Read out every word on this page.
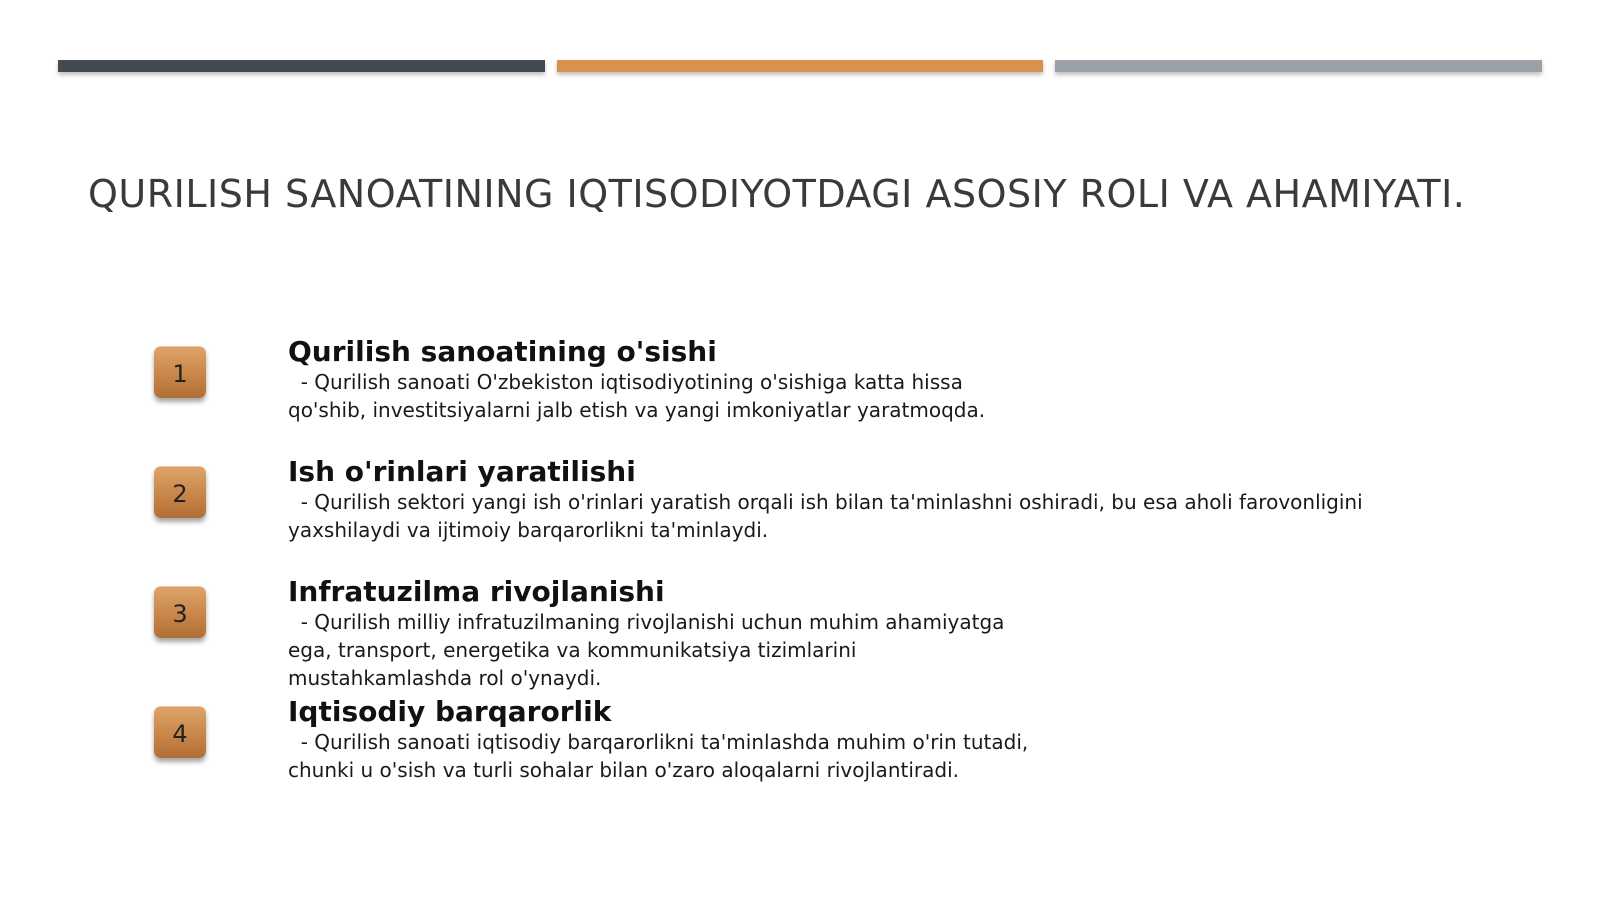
QURILISH SANOATINING IQTISODIYOTDAGI ASOSIY ROLI VA AHAMIYATI.
1
Qurilish sanoatining o'sishi
- Qurilish sanoati O'zbekiston iqtisodiyotining o'sishiga katta hissa
qo'shib, investitsiyalarni jalb etish va yangi imkoniyatlar yaratmoqda.
2
Ish o'rinlari yaratilishi
- Qurilish sektori yangi ish o'rinlari yaratish orqali ish bilan ta'minlashni oshiradi, bu esa aholi farovonligini
yaxshilaydi va ijtimoiy barqarorlikni ta'minlaydi.
3
Infratuzilma rivojlanishi
- Qurilish milliy infratuzilmaning rivojlanishi uchun muhim ahamiyatga
ega, transport, energetika va kommunikatsiya tizimlarini
mustahkamlashda rol o'ynaydi.
4
Iqtisodiy barqarorlik
- Qurilish sanoati iqtisodiy barqarorlikni ta'minlashda muhim o'rin tutadi,
chunki u o'sish va turli sohalar bilan o'zaro aloqalarni rivojlantiradi.
